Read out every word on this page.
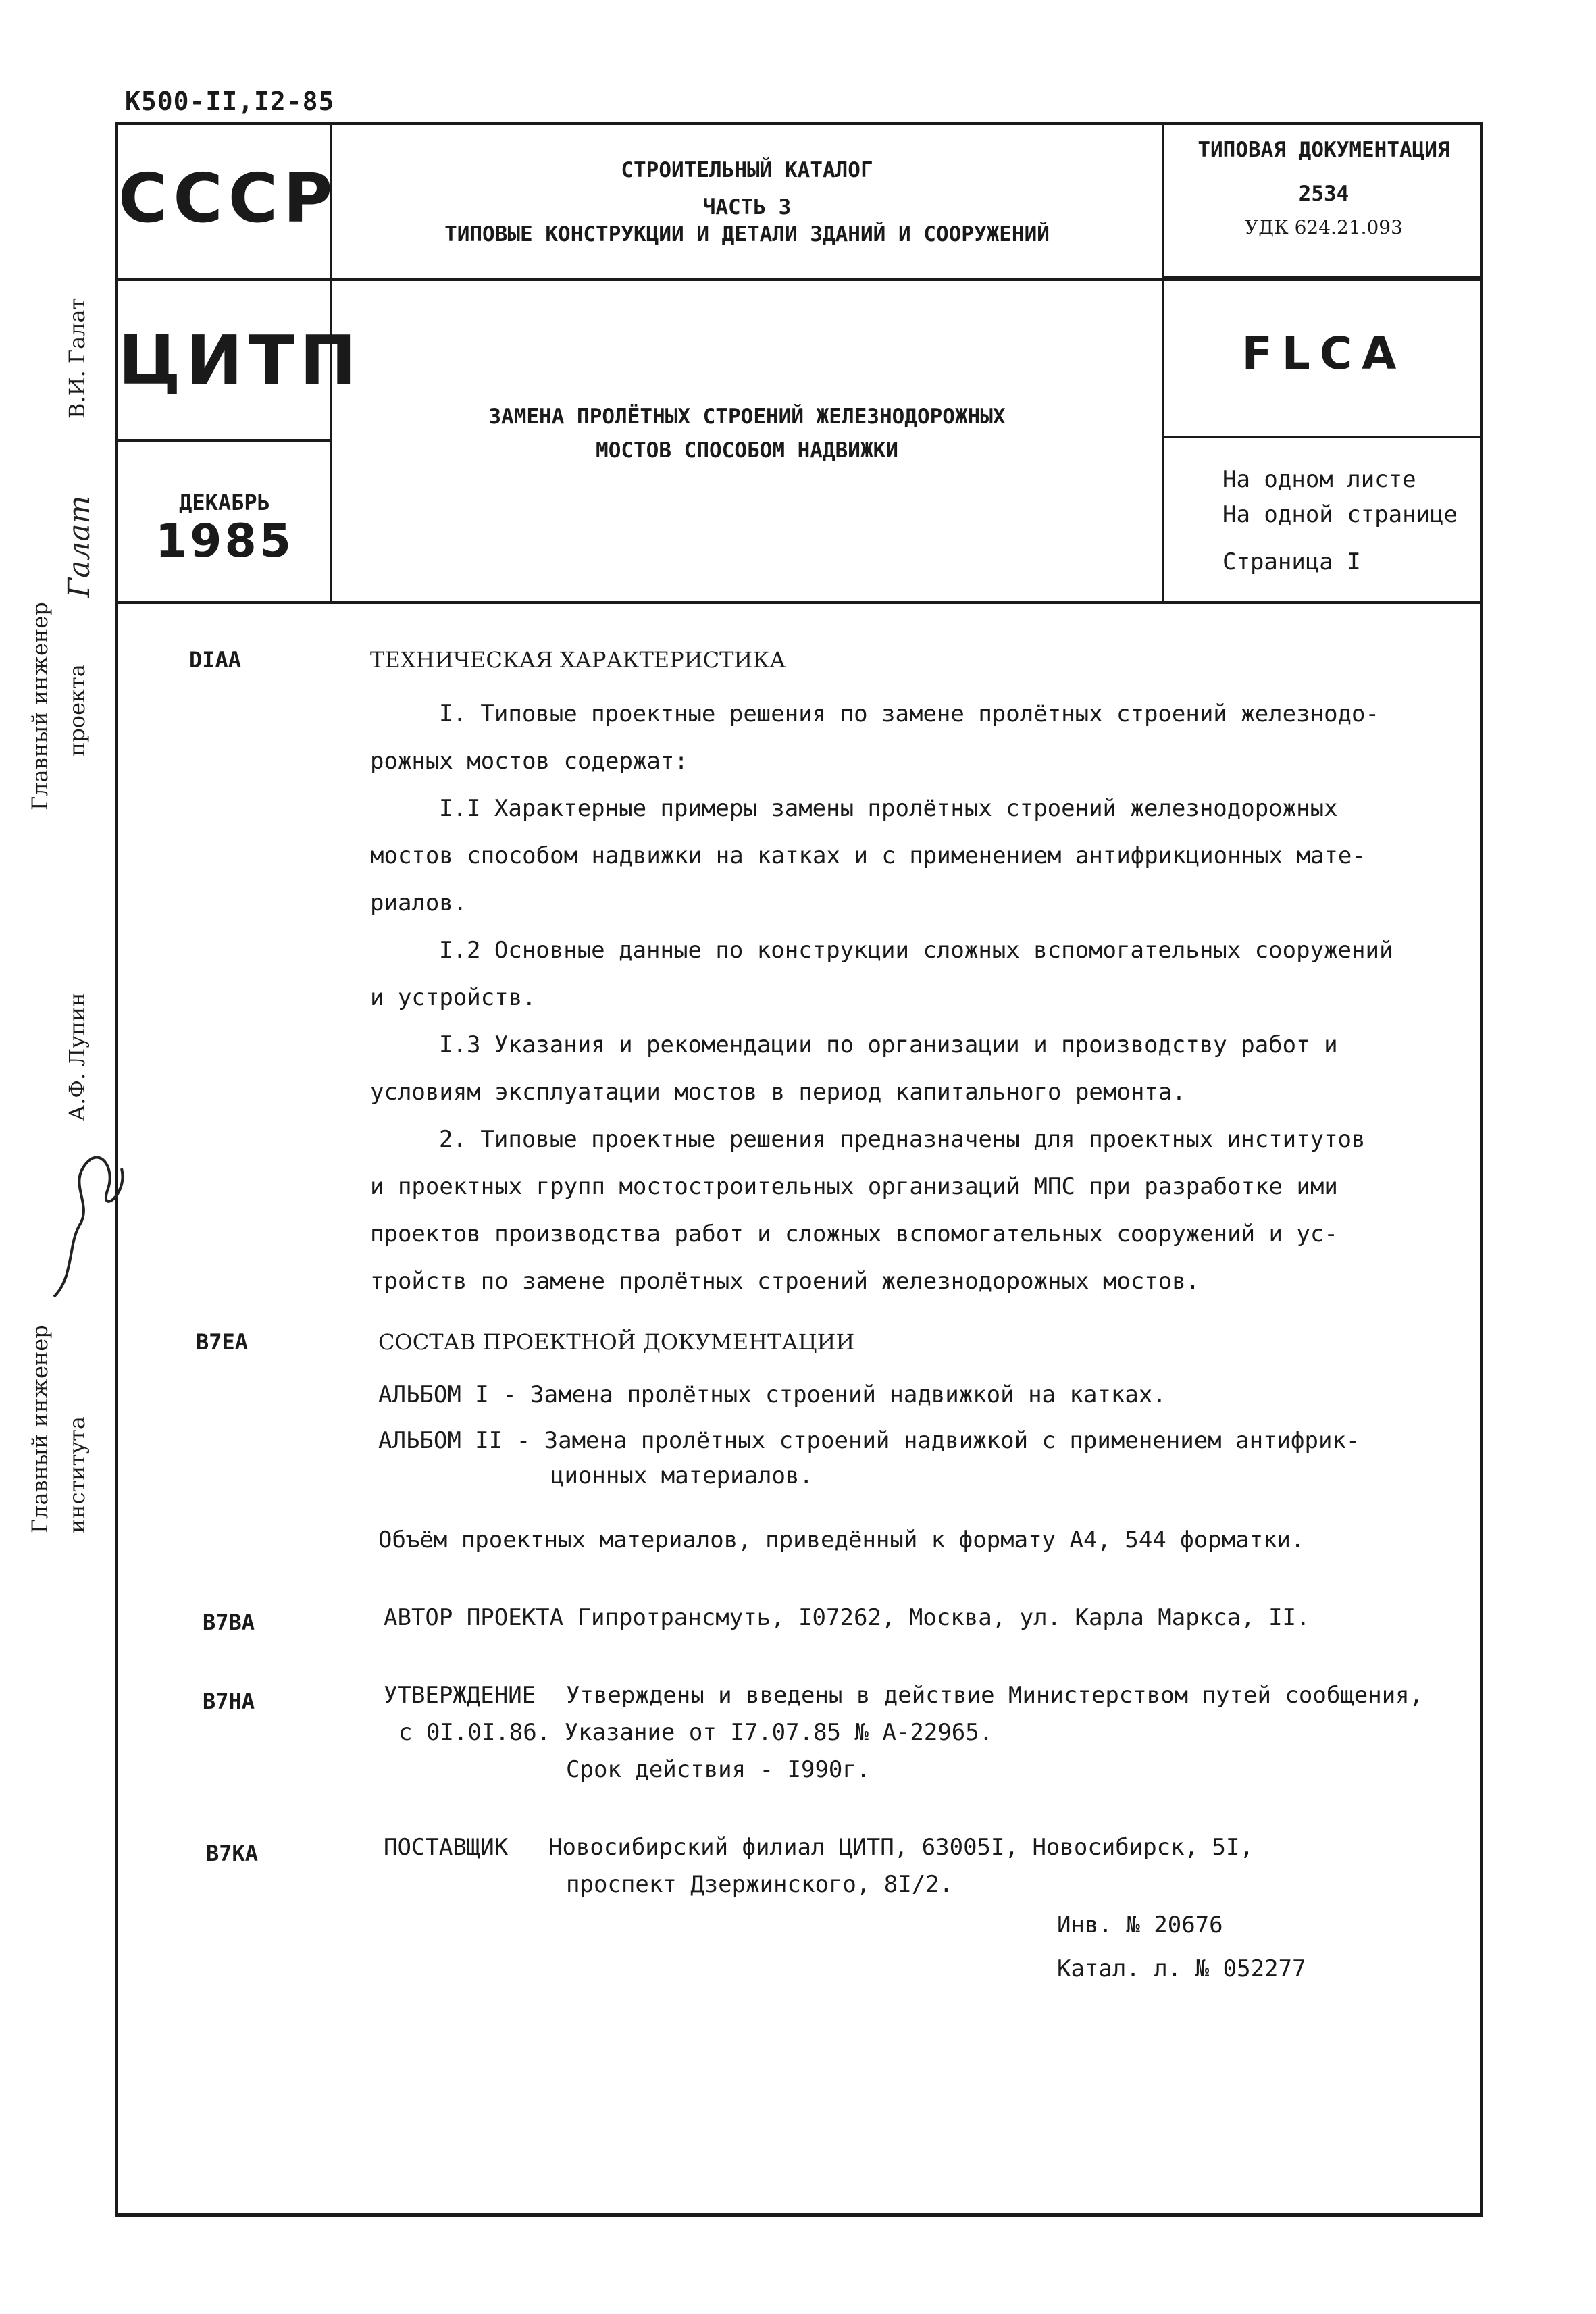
К500-II,I2-85
СССР
ЦИТП
ДЕКАБРЬ
1985
СТРОИТЕЛЬНЫЙ КАТАЛОГ
ЧАСТЬ 3
ТИПОВЫЕ КОНСТРУКЦИИ И ДЕТАЛИ ЗДАНИЙ И СООРУЖЕНИЙ
ЗАМЕНА ПРОЛЁТНЫХ СТРОЕНИЙ ЖЕЛЕЗНОДОРОЖНЫХ
МОСТОВ СПОСОБОМ НАДВИЖКИ
ТИПОВАЯ ДОКУМЕНТАЦИЯ
2534
УДК 624.21.093
FLCA
На одном листе
На одной странице
Страница I
Главный инженер проекта
В.И. Галат
Галат
Главный инженер института
А.Ф. Лупин
DIAA	ТЕХНИЧЕСКАЯ ХАРАКТЕРИСТИКА
I. Типовые проектные решения по замене пролётных строений железнодо-
рожных мостов содержат:
I.I Характерные примеры замены пролётных строений железнодорожных
мостов способом надвижки на катках и с применением антифрикционных мате-
риалов.
I.2 Основные данные по конструкции сложных вспомогательных сооружений
и устройств.
I.3 Указания и рекомендации по организации и производству работ и
условиям эксплуатации мостов в период капитального ремонта.
2. Типовые проектные решения предназначены для проектных институтов
и проектных групп мостостроительных организаций МПС при разработке ими
проектов производства работ и сложных вспомогательных сооружений и ус-
тройств по замене пролётных строений железнодорожных мостов.
B7EA	СОСТАВ ПРОЕКТНОЙ ДОКУМЕНТАЦИИ
АЛЬБОМ I - Замена пролётных строений надвижкой на катках.
АЛЬБОМ II - Замена пролётных строений надвижкой с применением антифрик-
ционных материалов.
Объём проектных материалов, приведённый к формату А4, 544 форматки.
B7BA	АВТОР ПРОЕКТА Гипротрансмуть, I07262, Москва, ул. Карла Маркса, II.
B7HA	УТВЕРЖДЕНИЕ Утверждены и введены в действие Министерством путей сообщения,
с 0I.0I.86. Указание от I7.07.85 № А-22965.
Срок действия - I990г.
B7KA	ПОСТАВЩИК Новосибирский филиал ЦИТП, 63005I, Новосибирск, 5I,
проспект Дзержинского, 8I/2.
Инв. № 20676
Катал. л. № 052277
